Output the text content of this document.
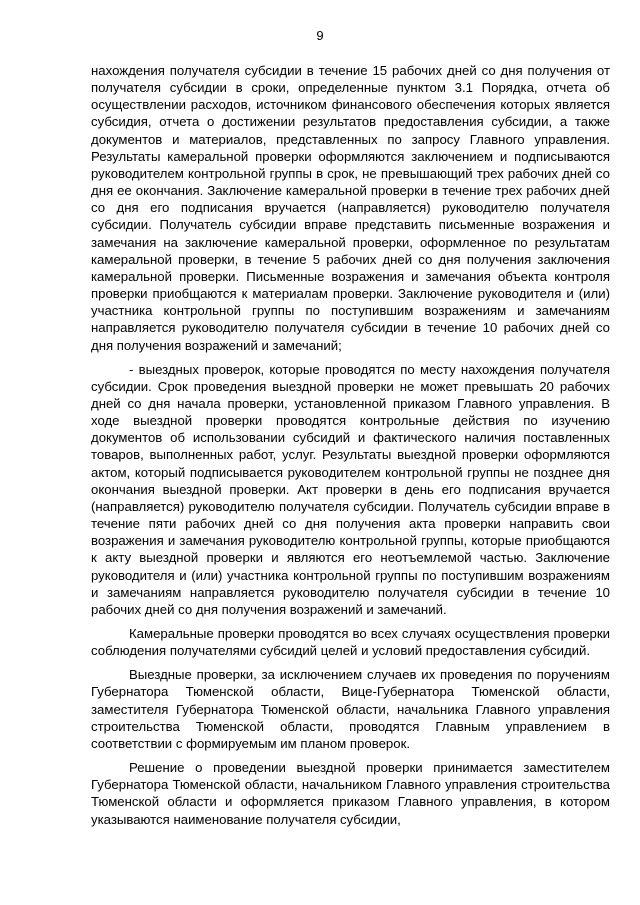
9

нахождения получателя субсидии в течение 15 рабочих дней со дня получения от получателя субсидии в сроки, определенные пунктом 3.1 Порядка, отчета об осуществлении расходов, источником финансового обеспечения которых является субсидия, отчета о достижении результатов предоставления субсидии, а также документов и материалов, представленных по запросу Главного управления. Результаты камеральной проверки оформляются заключением и подписываются руководителем контрольной группы в срок, не превышающий трех рабочих дней со дня ее окончания. Заключение камеральной проверки в течение трех рабочих дней со дня его подписания вручается (направляется) руководителю получателя субсидии. Получатель субсидии вправе представить письменные возражения и замечания на заключение камеральной проверки, оформленное по результатам камеральной проверки, в течение 5 рабочих дней со дня получения заключения камеральной проверки. Письменные возражения и замечания объекта контроля проверки приобщаются к материалам проверки. Заключение руководителя и (или) участника контрольной группы по поступившим возражениям и замечаниям направляется руководителю получателя субсидии в течение 10 рабочих дней со дня получения возражений и замечаний;

- выездных проверок, которые проводятся по месту нахождения получателя субсидии. Срок проведения выездной проверки не может превышать 20 рабочих дней со дня начала проверки, установленной приказом Главного управления. В ходе выездной проверки проводятся контрольные действия по изучению документов об использовании субсидий и фактического наличия поставленных товаров, выполненных работ, услуг. Результаты выездной проверки оформляются актом, который подписывается руководителем контрольной группы не позднее дня окончания выездной проверки. Акт проверки в день его подписания вручается (направляется) руководителю получателя субсидии. Получатель субсидии вправе в течение пяти рабочих дней со дня получения акта проверки направить свои возражения и замечания руководителю контрольной группы, которые приобщаются к акту выездной проверки и являются его неотъемлемой частью. Заключение руководителя и (или) участника контрольной группы по поступившим возражениям и замечаниям направляется руководителю получателя субсидии в течение 10 рабочих дней со дня получения возражений и замечаний.

Камеральные проверки проводятся во всех случаях осуществления проверки соблюдения получателями субсидий целей и условий предоставления субсидий.

Выездные проверки, за исключением случаев их проведения по поручениям Губернатора Тюменской области, Вице-Губернатора Тюменской области, заместителя Губернатора Тюменской области, начальника Главного управления строительства Тюменской области, проводятся Главным управлением в соответствии с формируемым им планом проверок.

Решение о проведении выездной проверки принимается заместителем Губернатора Тюменской области, начальником Главного управления строительства Тюменской области и оформляется приказом Главного управления, в котором указываются наименование получателя субсидии,
